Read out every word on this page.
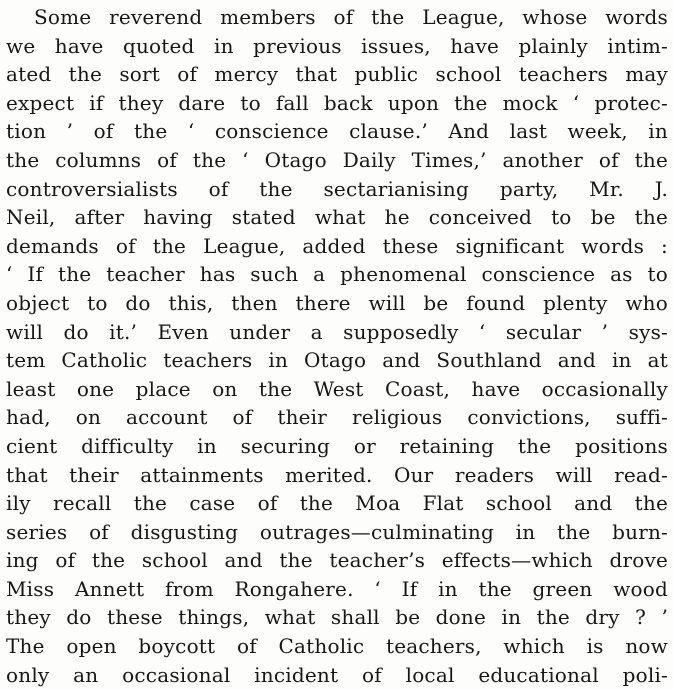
Some reverend members of the League, whose words
we have quoted in previous issues, have plainly intim-
ated the sort of mercy that public school teachers may
expect if they dare to fall back upon the mock ‘ protec-
tion ’ of the ‘ conscience clause.’ And last week, in
the columns of the ‘ Otago Daily Times,’ another of the
controversialists of the sectarianising party, Mr. J.
Neil, after having stated what he conceived to be the
demands of the League, added these significant words :
‘ If the teacher has such a phenomenal conscience as to
object to do this, then there will be found plenty who
will do it.’ Even under a supposedly ‘ secular ’ sys-
tem Catholic teachers in Otago and Southland and in at
least one place on the West Coast, have occasionally
had, on account of their religious convictions, suffi-
cient difficulty in securing or retaining the positions
that their attainments merited. Our readers will read-
ily recall the case of the Moa Flat school and the
series of disgusting outrages—culminating in the burn-
ing of the school and the teacher’s effects—which drove
Miss Annett from Rongahere. ‘ If in the green wood
they do these things, what shall be done in the dry ? ’
The open boycott of Catholic teachers, which is now
only an occasional incident of local educational poli-
